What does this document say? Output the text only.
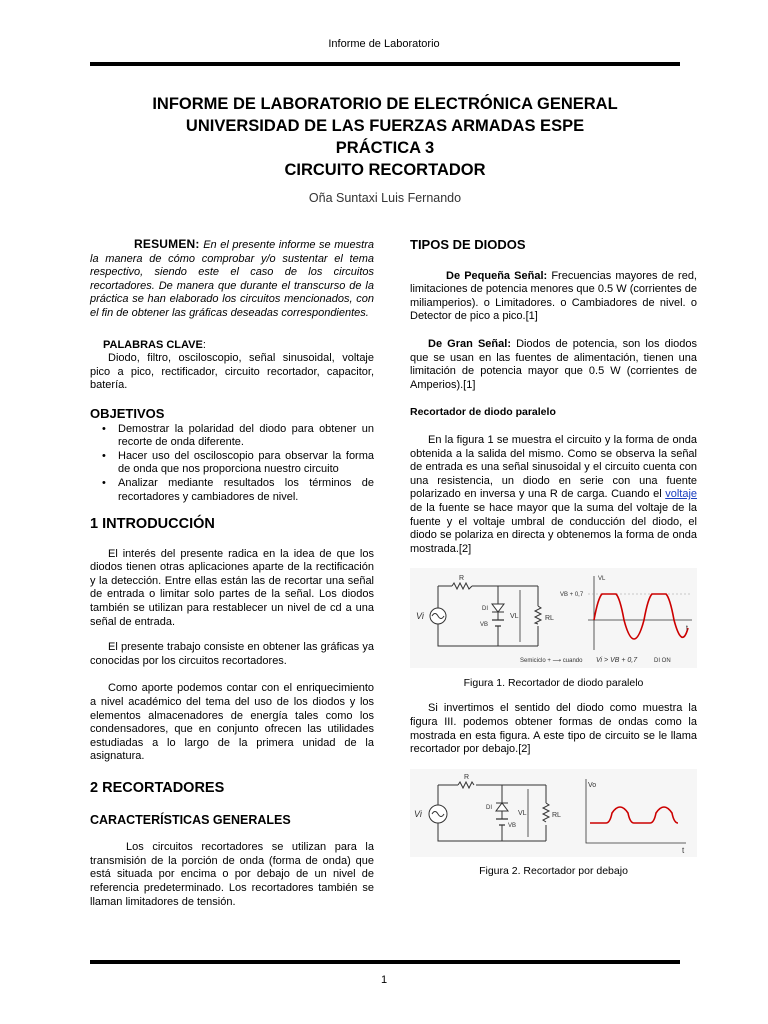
Informe de Laboratorio
INFORME DE LABORATORIO DE ELECTRÓNICA GENERAL
UNIVERSIDAD DE LAS FUERZAS ARMADAS ESPE
PRÁCTICA 3
CIRCUITO RECORTADOR
Oña Suntaxi Luis Fernando

RESUMEN: En el presente informe se muestra la manera de cómo comprobar y/o sustentar el tema respectivo, siendo este el caso de los circuitos recortadores. De manera que durante el transcurso de la práctica se han elaborado los circuitos mencionados, con el fin de obtener las gráficas deseadas correspondientes.

PALABRAS CLAVE:

Diodo, filtro, osciloscopio, señal sinusoidal, voltaje pico a pico, rectificador, circuito recortador, capacitor, batería.

OBJETIVOS
• Demostrar la polaridad del diodo para obtener un recorte de onda diferente.
• Hacer uso del osciloscopio para observar la forma de onda que nos proporciona nuestro circuito
• Analizar mediante resultados los términos de recortadores y cambiadores de nivel.
1 INTRODUCCIÓN

El interés del presente radica en la idea de que los diodos tienen otras aplicaciones aparte de la rectificación y la detección. Entre ellas están las de recortar una señal de entrada o limitar solo partes de la señal. Los diodos también se utilizan para restablecer un nivel de cd a una señal de entrada.

El presente trabajo consiste en obtener las gráficas ya conocidas por los circuitos recortadores.

Como aporte podemos contar con el enriquecimiento a nivel académico del tema del uso de los diodos y los elementos almacenadores de energía tales como los condensadores, que en conjunto ofrecen las utilidades estudiadas a lo largo de la primera unidad de la asignatura.

2 RECORTADORES
CARACTERÍSTICAS GENERALES

Los circuitos recortadores se utilizan para la transmisión de la porción de onda (forma de onda) que está situada por encima o por debajo de un nivel de referencia predeterminado. Los recortadores también se llaman limitadores de tensión.

TIPOS DE DIODOS

De Pequeña Señal: Frecuencias mayores de red, limitaciones de potencia menores que 0.5 W (corrientes de miliamperios). o Limitadores. o Cambiadores de nivel. o Detector de pico a pico.[1]

De Gran Señal: Diodos de potencia, son los diodos que se usan en las fuentes de alimentación, tienen una limitación de potencia mayor que 0.5 W (corrientes de Amperios).[1]

Recortador de diodo paralelo

En la figura 1 se muestra el circuito y la forma de onda obtenida a la salida del mismo. Como se observa la señal de entrada es una señal sinusoidal y el circuito cuenta con una resistencia, un diodo en serie con una fuente polarizado en inversa y una R de carga. Cuando el voltaje de la fuente se hace mayor que la suma del voltaje de la fuente y el voltaje umbral de conducción del diodo, el diodo se polariza en directa y obtenemos la forma de onda mostrada.[2]

R
Vi
DI
VB
VL	RL
VL
VB + 0,7
t
Semiciclo + ⟶ cuando Vi > VB + 0,7	DI ON
Figura 1. Recortador de diodo paralelo

Si invertimos el sentido del diodo como muestra la figura III. podemos obtener formas de ondas como la mostrada en esta figura. A este tipo de circuito se le llama recortador por debajo.[2]

R
Vi
DI
VB
VL	RL
Vo
t
Figura 2. Recortador por debajo
1
